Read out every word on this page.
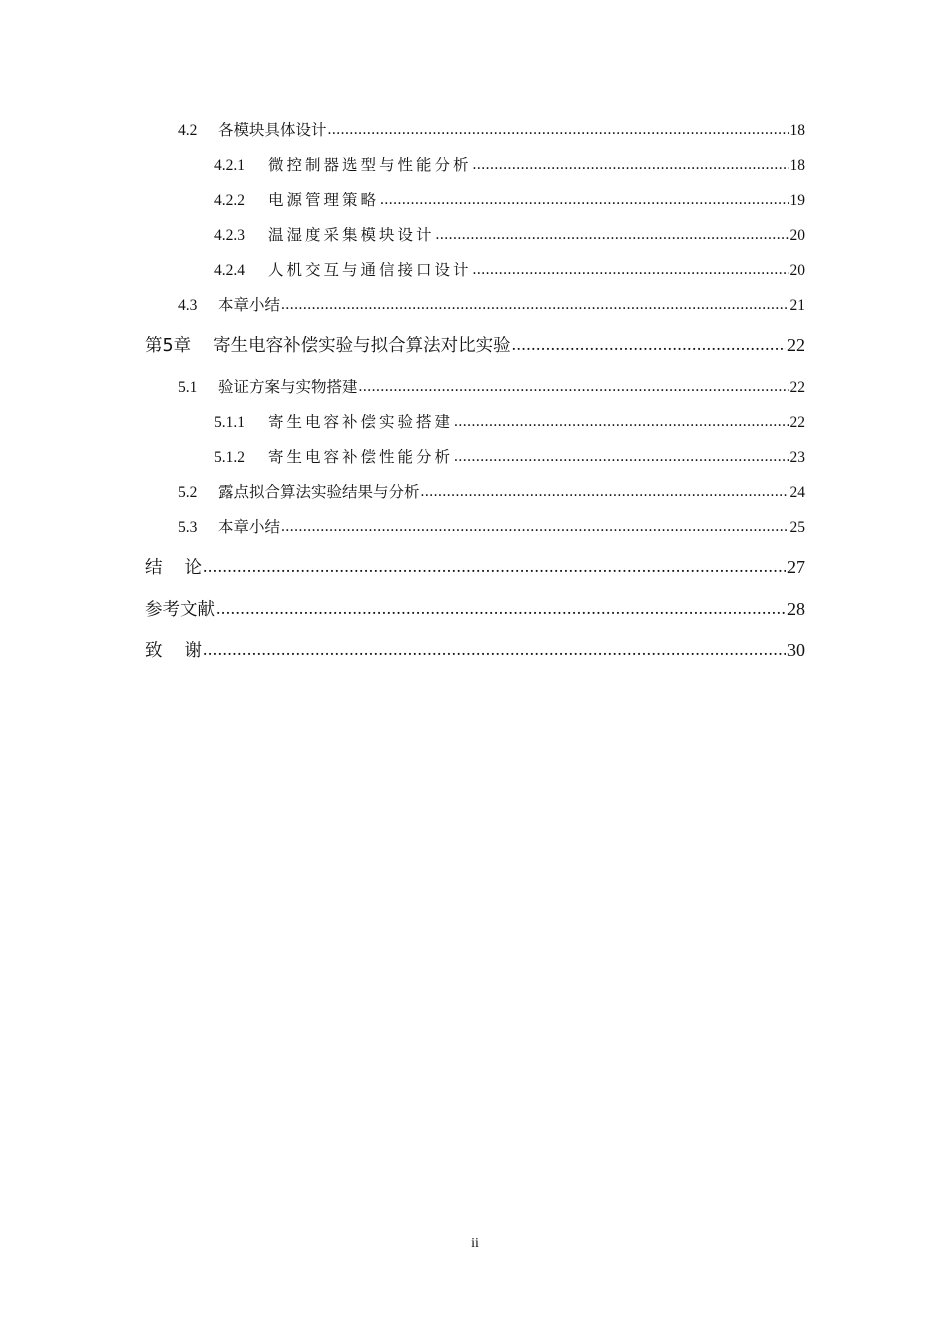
4.2	各模块具体设计 .....	18
4.2.1	微控制器选型与性能分析 .....	18
4.2.2	电源管理策略 .....	19
4.2.3	温湿度采集模块设计 .....	20
4.2.4	人机交互与通信接口设计 .....	20
4.3	本章小结 .....	21
第5章 寄生电容补偿实验与拟合算法对比实验 .....	22
5.1	验证方案与实物搭建 .....	22
5.1.1	寄生电容补偿实验搭建 .....	22
5.1.2	寄生电容补偿性能分析 .....	23
5.2	露点拟合算法实验结果与分析 .....	24
5.3	本章小结 .....	25
结论 .....	27
参考文献 .....	28
致谢 .....	30
ii
